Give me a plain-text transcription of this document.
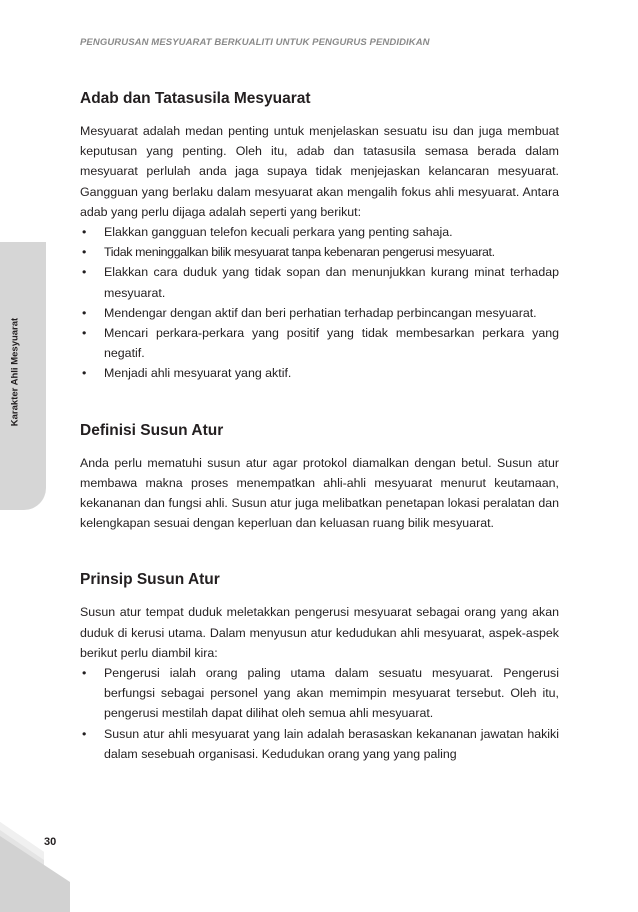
PENGURUSAN MESYUARAT BERKUALITI UNTUK PENGURUS PENDIDIKAN
Karakter Ahli Mesyuarat
30
Adab dan Tatasusila Mesyuarat

Mesyuarat adalah medan penting untuk menjelaskan sesuatu isu dan juga membuat keputusan yang penting. Oleh itu, adab dan tatasusila semasa berada dalam mesyuarat perlulah anda jaga supaya tidak menjejaskan kelancaran mesyuarat. Gangguan yang berlaku dalam mesyuarat akan mengalih fokus ahli mesyuarat. Antara adab yang perlu dijaga adalah seperti yang berikut:

• Elakkan gangguan telefon kecuali perkara yang penting sahaja.
• Tidak meninggalkan bilik mesyuarat tanpa kebenaran pengerusi mesyuarat.
• Elakkan cara duduk yang tidak sopan dan menunjukkan kurang minat terhadap mesyuarat.
• Mendengar dengan aktif dan beri perhatian terhadap perbincangan mesyuarat.
• Mencari perkara-perkara yang positif yang tidak membesarkan perkara yang negatif.
• Menjadi ahli mesyuarat yang aktif.
Definisi Susun Atur

Anda perlu mematuhi susun atur agar protokol diamalkan dengan betul. Susun atur membawa makna proses menempatkan ahli-ahli mesyuarat menurut keutamaan, kekananan dan fungsi ahli. Susun atur juga melibatkan penetapan lokasi peralatan dan kelengkapan sesuai dengan keperluan dan keluasan ruang bilik mesyuarat.

Prinsip Susun Atur

Susun atur tempat duduk meletakkan pengerusi mesyuarat sebagai orang yang akan duduk di kerusi utama. Dalam menyusun atur kedudukan ahli mesyuarat, aspek-aspek berikut perlu diambil kira:

• Pengerusi ialah orang paling utama dalam sesuatu mesyuarat. Pengerusi berfungsi sebagai personel yang akan memimpin mesyuarat tersebut. Oleh itu, pengerusi mestilah dapat dilihat oleh semua ahli mesyuarat.
• Susun atur ahli mesyuarat yang lain adalah berasaskan kekananan jawatan hakiki dalam sesebuah organisasi. Kedudukan orang yang yang paling
